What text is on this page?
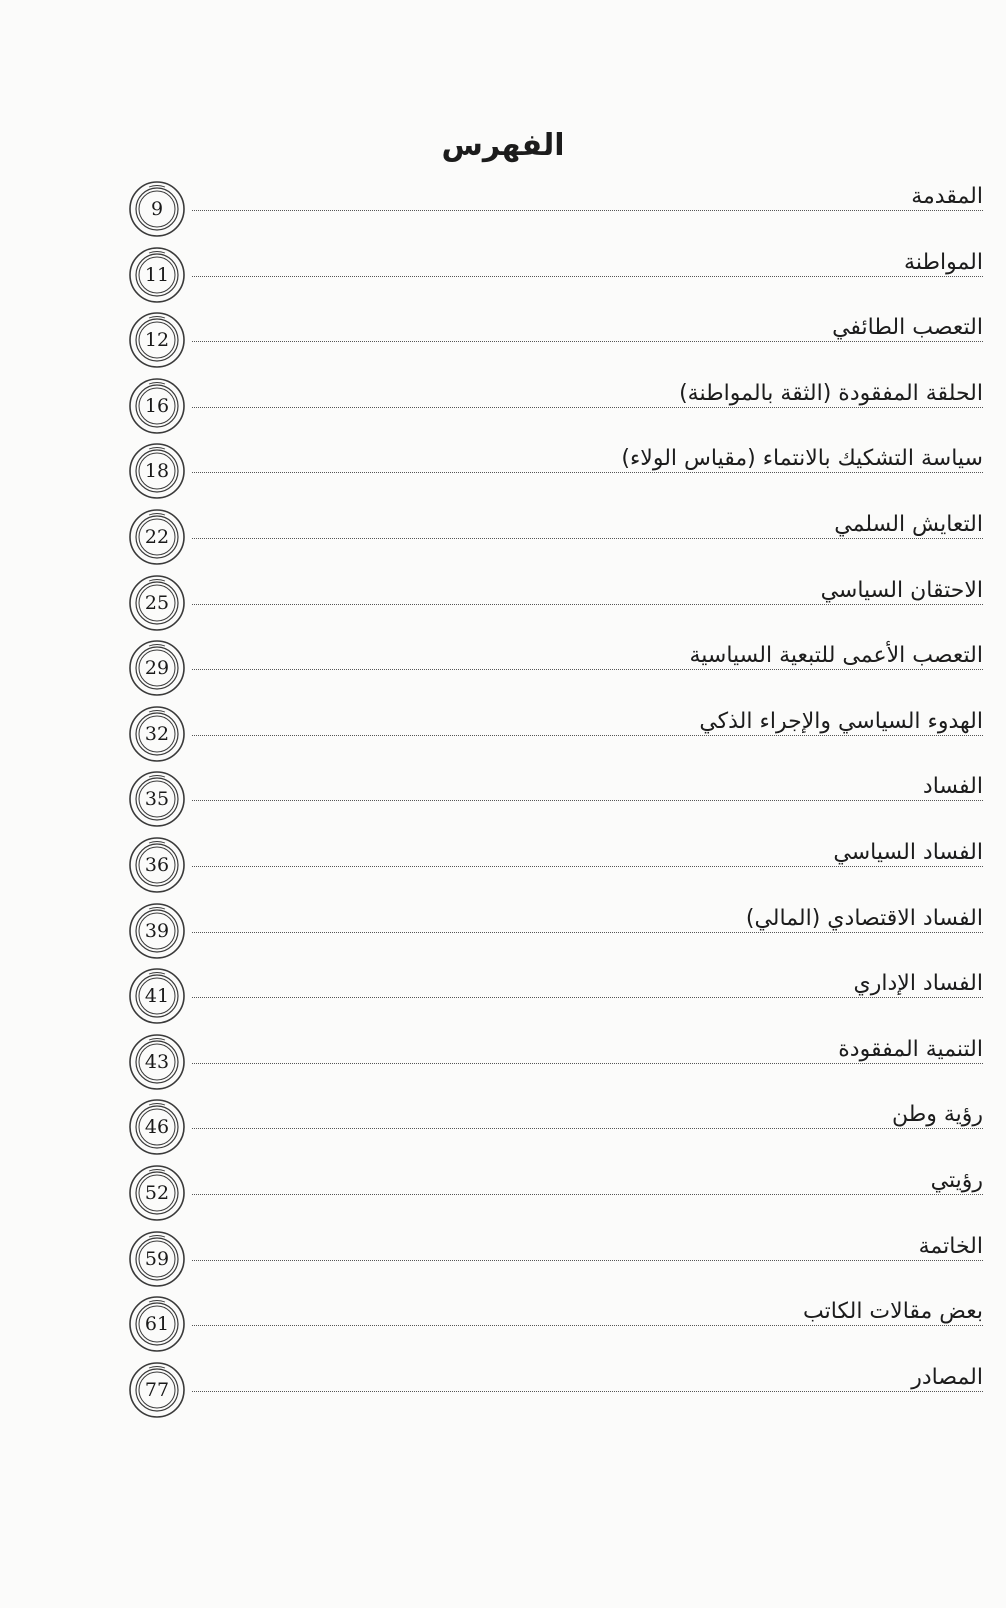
الفهرس
9	المقدمة
11	المواطنة
12	التعصب الطائفي
16	الحلقة المفقودة (الثقة بالمواطنة)
18	سياسة التشكيك بالانتماء (مقياس الولاء)
22	التعايش السلمي
25	الاحتقان السياسي
29	التعصب الأعمى للتبعية السياسية
32	الهدوء السياسي والإجراء الذكي
35	الفساد
36	الفساد السياسي
39	الفساد الاقتصادي (المالي)
41	الفساد الإداري
43	التنمية المفقودة
46	رؤية وطن
52	رؤيتي
59	الخاتمة
61	بعض مقالات الكاتب
77	المصادر
